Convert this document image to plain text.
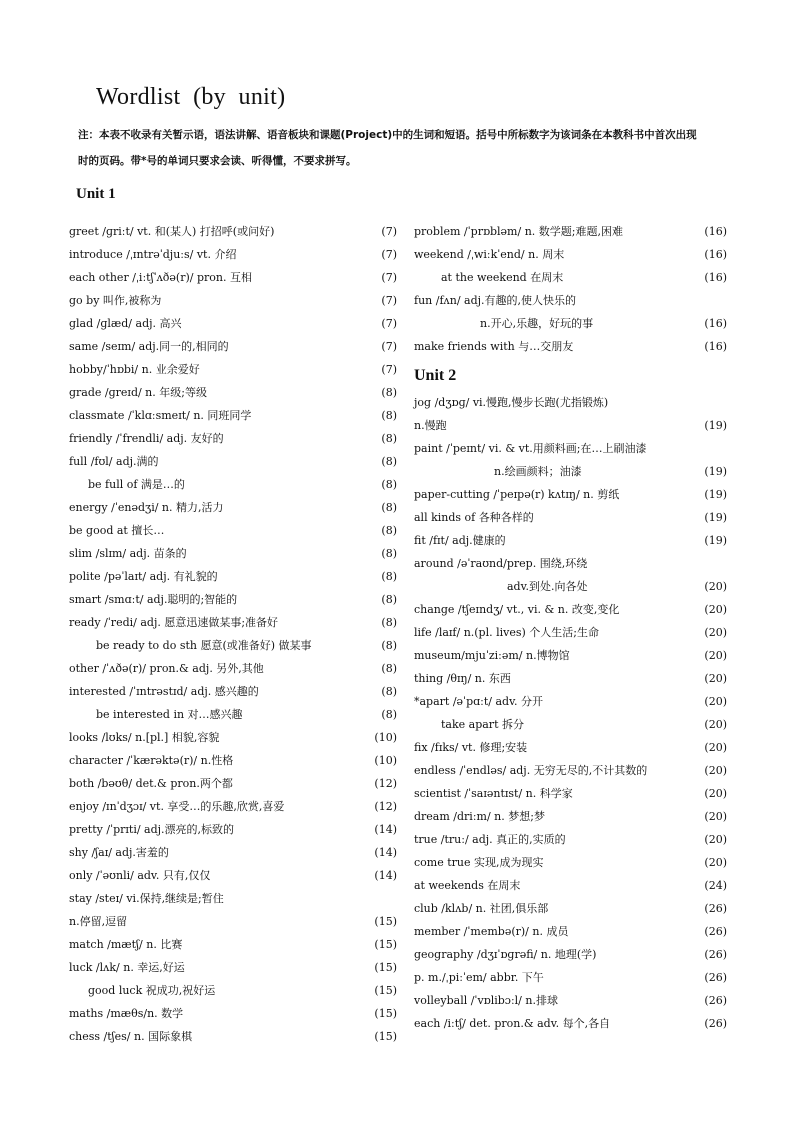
Wordlist  (by  unit)
注：本表不收录有关暂示语，语法讲解、语音板块和课题(Project)中的生词和短语。括号中所标数字为该词条在本教科书中首次出现时的页码。带*号的单词只要求会读、听得懂，不要求拼写。
Unit 1
greet /ɡriːt/ vt. 和(某人) 打招呼(或问好)	(7)
introduce /ˌɪntrəˈdjuːs/ vt. 介绍	(7)
each other /ˌiːtʃˈʌðə(r)/ pron. 互相	(7)
go by 叫作,被称为	(7)
glad /ɡlæd/ adj. 高兴	(7)
same /seɪm/ adj.同一的,相同的	(7)
hobby/ˈhɒbi/ n. 业余爱好	(7)
grade /ɡreɪd/ n. 年级;等级	(8)
classmate /ˈklɑːsmeɪt/ n. 同班同学	(8)
friendly /ˈfrendli/ adj. 友好的	(8)
full /fʊl/ adj.满的	(8)
be full of 满是…的	(8)
energy /ˈenədʒi/ n. 精力,活力	(8)
be good at 擅长…	(8)
slim /slɪm/ adj. 苗条的	(8)
polite /pəˈlaɪt/ adj. 有礼貌的	(8)
smart /smɑːt/ adj.聪明的;智能的	(8)
ready /ˈredi/ adj. 愿意迅速做某事;准备好	(8)
be ready to do sth 愿意(或准备好) 做某事	(8)
other /ˈʌðə(r)/ pron.& adj. 另外,其他	(8)
interested /ˈɪntrəstɪd/ adj. 感兴趣的	(8)
be interested in 对…感兴趣	(8)
looks /lʊks/ n.[pl.] 相貌,容貌	(10)
character /ˈkærəktə(r)/ n.性格	(10)
both /bəʊθ/ det.& pron.两个都	(12)
enjoy /ɪnˈdʒɔɪ/ vt. 享受…的乐趣,欣赏,喜爱	(12)
pretty /ˈprɪti/ adj.漂亮的,标致的	(14)
shy /ʃaɪ/ adj.害羞的	(14)
only /ˈəʊnli/ adv. 只有,仅仅	(14)
stay /steɪ/ vi.保持,继续是;暂住
n.停留,逗留	(15)
match /mætʃ/ n. 比赛	(15)
luck /lʌk/ n. 幸运,好运	(15)
good luck 祝成功,祝好运	(15)
maths /mæθs/n. 数学	(15)
chess /tʃes/ n. 国际象棋	(15)
problem /ˈprɒbləm/ n. 数学题;难题,困难	(16)
weekend /ˌwiːkˈend/ n. 周末	(16)
at the weekend 在周末	(16)
fun /fʌn/ adj.有趣的,使人快乐的
n.开心,乐趣，好玩的事	(16)
make friends with 与…交朋友	(16)
Unit 2
jog /dʒɒɡ/ vi.慢跑,慢步长跑(尤指锻炼)
n.慢跑	(19)
paint /ˈpeɪnt/ vi. & vt.用颜料画;在…上刷油漆
n.绘画颜料；油漆	(19)
paper-cutting /ˈpeɪpə(r) kʌtɪŋ/ n. 剪纸	(19)
all kinds of 各种各样的	(19)
fit /fɪt/ adj.健康的	(19)
around /əˈraʊnd/prep. 围绕,环绕
adv.到处.向各处	(20)
change /tʃeɪndʒ/ vt., vi. & n. 改变,变化	(20)
life /laɪf/ n.(pl. lives) 个人生活;生命	(20)
museum/mjuˈziːəm/ n.博物馆	(20)
thing /θɪŋ/ n. 东西	(20)
*apart /əˈpɑːt/ adv. 分开	(20)
take apart 拆分	(20)
fix /fɪks/ vt. 修理;安装	(20)
endless /ˈendləs/ adj. 无穷无尽的,不计其数的	(20)
scientist /ˈsaɪəntɪst/ n. 科学家	(20)
dream /driːm/ n. 梦想;梦	(20)
true /truː/ adj. 真正的,实质的	(20)
come true 实现,成为现实	(20)
at weekends 在周末	(24)
club /klʌb/ n. 社团,俱乐部	(26)
member /ˈmembə(r)/ n. 成员	(26)
geography /dʒɪˈɒɡrəfi/ n. 地理(学)	(26)
p. m./ˌpiːˈem/ abbr. 下午	(26)
volleyball /ˈvɒlibɔːl/ n.排球	(26)
each /iːtʃ/ det. pron.& adv. 每个,各自	(26)
